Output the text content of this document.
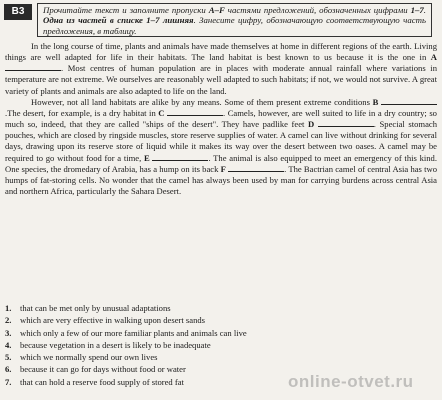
B3	Прочитайте текст и заполните пропуски A–F частями предложений, обозначенных цифрами 1–7. Одна из частей в списке 1–7 лишняя. Занесите цифру, обозначающую соответствующую часть предложения, в таблицу.

In the long course of time, plants and animals have made themselves at home in different regions of the earth. Living things are well adapted for life in their habitats. The land habitat is best known to us because it is the one in A . Most centres of human population are in places with moderate annual rainfall where variations in temperature are not extreme. We ourselves are reasonably well adapted to such habitats; if not, we would not survive. A great variety of plants and animals are also adapted to life on the land.

However, not all land habitats are alike by any means. Some of them present extreme conditions B .The desert, for example, is a dry habitat in C	. Camels, however, are well suited to life in a dry country; so much so, indeed, that they are called "ships of the desert". They have padlike feet D	. Special stomach pouches, which are closed by ringside muscles, store reserve supplies of water. A camel can live without drinking for several days, drawing upon its reserve store of liquid while it makes its way over the desert between two oases. A camel may be required to go without food for a time, E	. The animal is also equipped to meet an emergency of this kind. One species, the dromedary of Arabia, has a hump on its back F	. The Bactrian camel of central Asia has two humps of fat-storing cells. No wonder that the camel has always been used by man for carrying burdens across central Asia and northern Africa, particularly the Sahara Desert.

1. that can be met only by unusual adaptations
2. which are very effective in walking upon desert sands
3. which only a few of our more familiar plants and animals can live
4. because vegetation in a desert is likely to be inadequate
5. which we normally spend our own lives
6. because it can go for days without food or water
7. that can hold a reserve food supply of stored fat	online-otvet.ru
